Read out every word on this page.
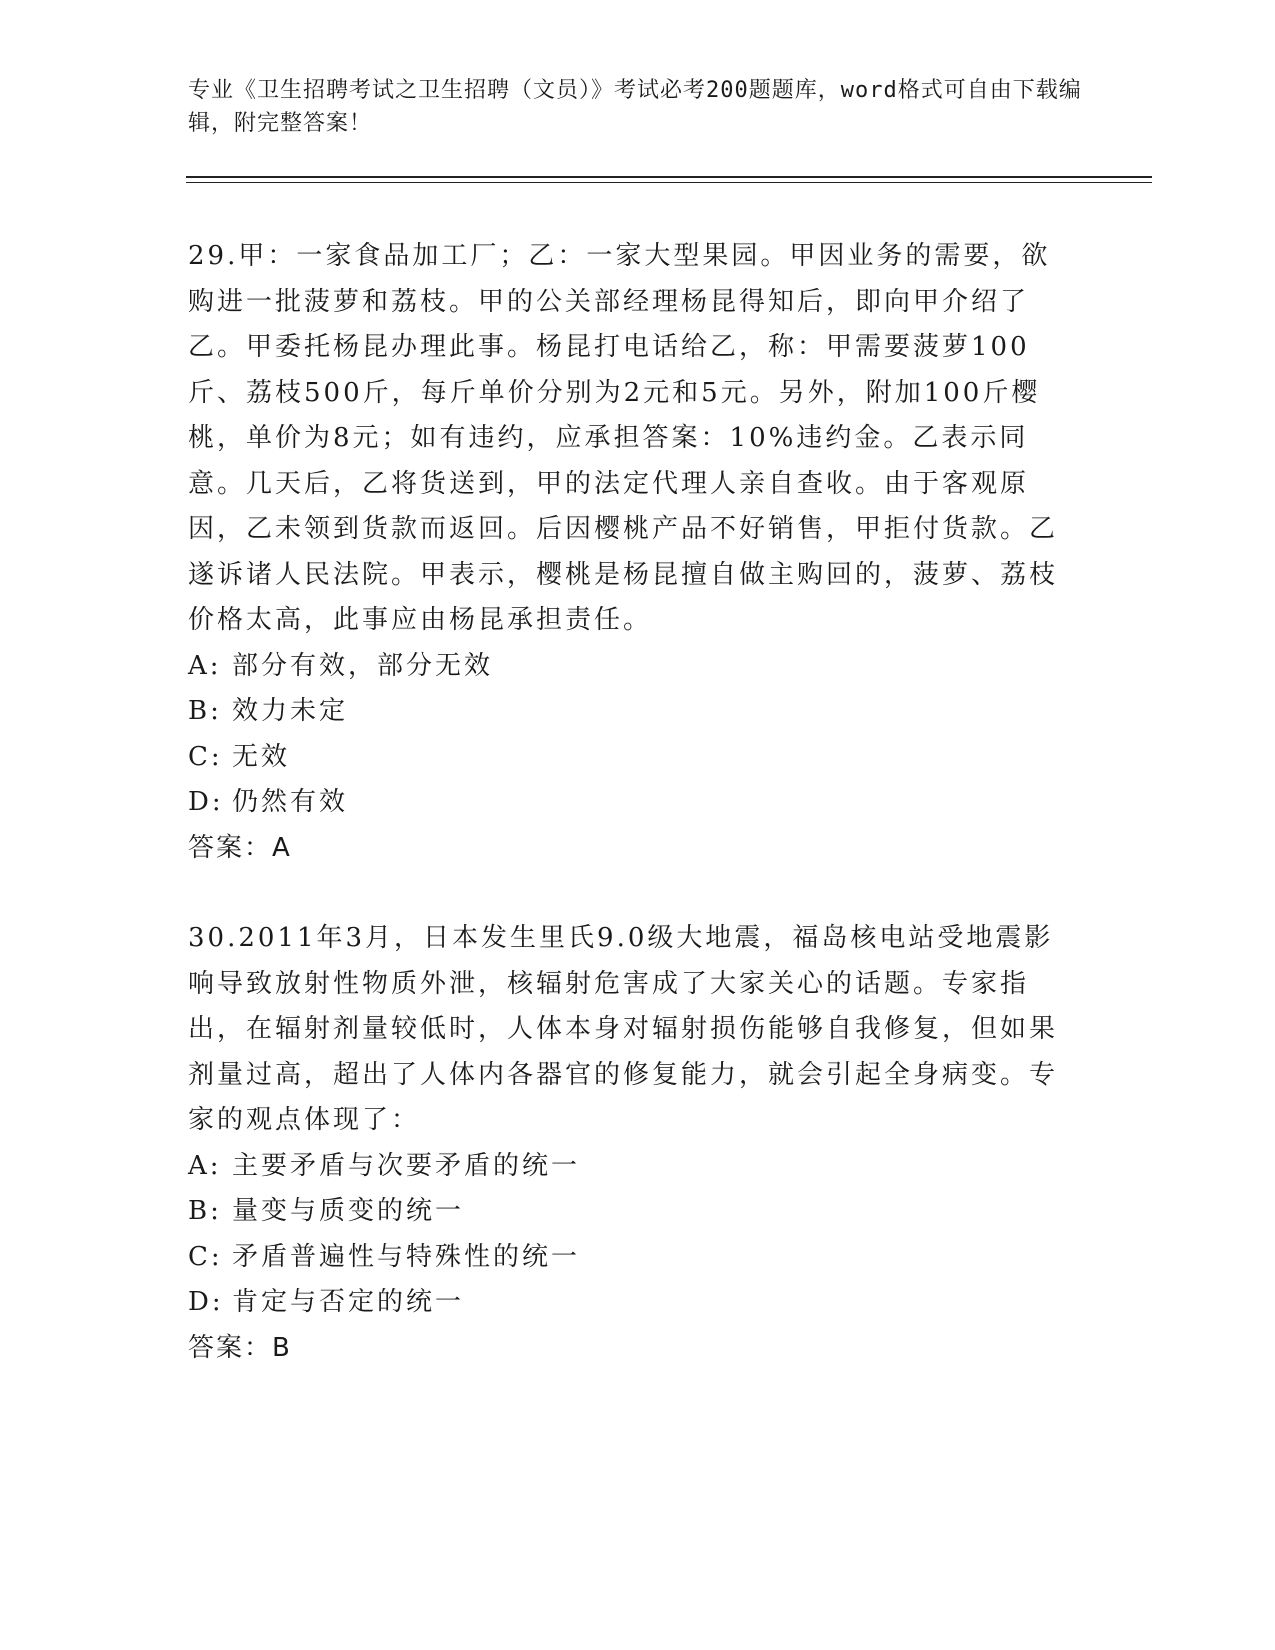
专业《卫生招聘考试之卫生招聘（文员）》考试必考200题题库，word格式可自由下载编辑，附完整答案！

29.甲：一家食品加工厂；乙：一家大型果园。甲因业务的需要，欲购进一批菠萝和荔枝。甲的公关部经理杨昆得知后，即向甲介绍了乙。甲委托杨昆办理此事。杨昆打电话给乙，称：甲需要菠萝100斤、荔枝500斤，每斤单价分别为2元和5元。另外，附加100斤樱桃，单价为8元；如有违约，应承担答案：10%违约金。乙表示同意。几天后，乙将货送到，甲的法定代理人亲自查收。由于客观原因，乙未领到货款而返回。后因樱桃产品不好销售，甲拒付货款。乙遂诉诸人民法院。甲表示，樱桃是杨昆擅自做主购回的，菠萝、荔枝价格太高，此事应由杨昆承担责任。

A: 部分有效，部分无效

B: 效力未定

C: 无效

D: 仍然有效

答案：A

30.2011年3月，日本发生里氏9.0级大地震，福岛核电站受地震影响导致放射性物质外泄，核辐射危害成了大家关心的话题。专家指出，在辐射剂量较低时，人体本身对辐射损伤能够自我修复，但如果剂量过高，超出了人体内各器官的修复能力，就会引起全身病变。专家的观点体现了：

A: 主要矛盾与次要矛盾的统一

B: 量变与质变的统一

C: 矛盾普遍性与特殊性的统一

D: 肯定与否定的统一

答案：B
